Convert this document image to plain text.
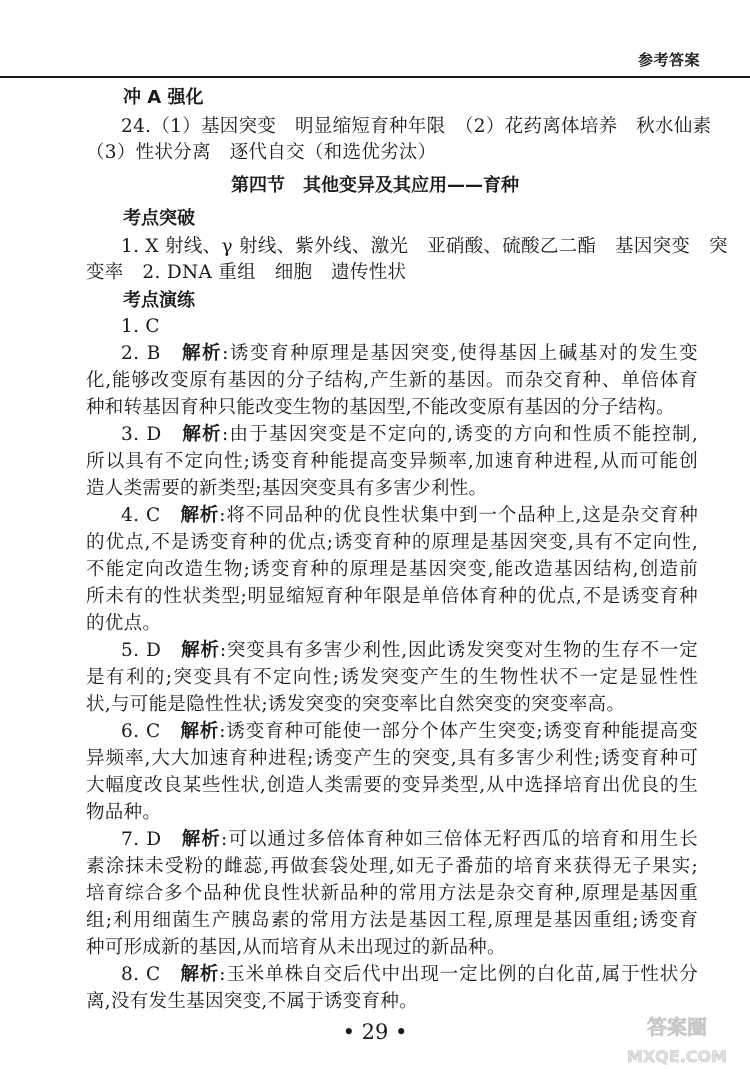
参考答案
冲 A 强化
24.（1）基因突变　明显缩短育种年限　（2）花药离体培养　秋水仙素
（3）性状分离　逐代自交（和选优劣汰）
第四节　其他变异及其应用——育种
考点突破
1. X 射线、γ 射线、紫外线、激光　亚硝酸、硫酸乙二酯　基因突变　突
变率　2. DNA 重组　细胞　遗传性状
考点演练
1. C
2. B　解析:诱变育种原理是基因突变,使得基因上碱基对的发生变
化,能够改变原有基因的分子结构,产生新的基因。而杂交育种、单倍体育
种和转基因育种只能改变生物的基因型,不能改变原有基因的分子结构。
3. D　解析:由于基因突变是不定向的,诱变的方向和性质不能控制,
所以具有不定向性;诱变育种能提高变异频率,加速育种进程,从而可能创
造人类需要的新类型;基因突变具有多害少利性。
4. C　解析:将不同品种的优良性状集中到一个品种上,这是杂交育种
的优点,不是诱变育种的优点;诱变育种的原理是基因突变,具有不定向性,
不能定向改造生物;诱变育种的原理是基因突变,能改造基因结构,创造前
所未有的性状类型;明显缩短育种年限是单倍体育种的优点,不是诱变育种
的优点。
5. D　解析:突变具有多害少利性,因此诱发突变对生物的生存不一定
是有利的;突变具有不定向性;诱发突变产生的生物性状不一定是显性性
状,与可能是隐性性状;诱发突变的突变率比自然突变的突变率高。
6. C　解析:诱变育种可能使一部分个体产生突变;诱变育种能提高变
异频率,大大加速育种进程;诱变产生的突变,具有多害少利性;诱变育种可
大幅度改良某些性状,创造人类需要的变异类型,从中选择培育出优良的生
物品种。
7. D　解析:可以通过多倍体育种如三倍体无籽西瓜的培育和用生长
素涂抹未受粉的雌蕊,再做套袋处理,如无子番茄的培育来获得无子果实;
培育综合多个品种优良性状新品种的常用方法是杂交育种,原理是基因重
组;利用细菌生产胰岛素的常用方法是基因工程,原理是基因重组;诱变育
种可形成新的基因,从而培育从未出现过的新品种。
8. C　解析:玉米单株自交后代中出现一定比例的白化苗,属于性状分
离,没有发生基因突变,不属于诱变育种。
• 29 •	答案圈
MXQE.COM
